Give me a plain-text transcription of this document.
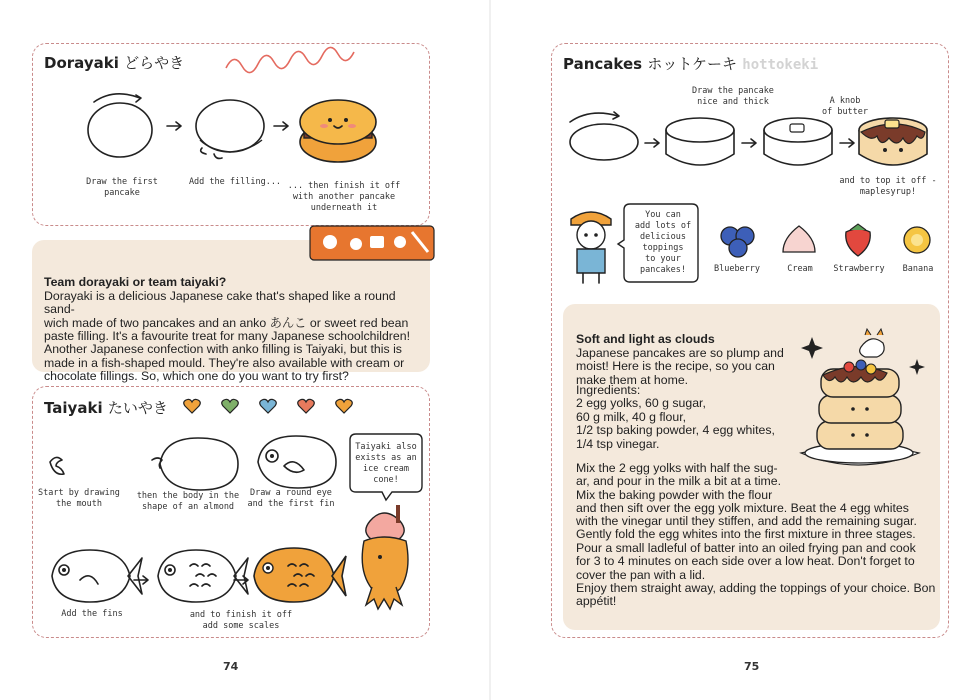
Dorayaki どらやき
Draw the first
pancake
Add the filling... ... then finish it off
with another pancake
underneath it

Team dorayaki or team taiyaki?
Dorayaki is a delicious Japanese cake that's shaped like a round sand-
wich made of two pancakes and an anko あんこ or sweet red bean
paste filling. It's a favourite treat for many Japanese schoolchildren!
Another Japanese confection with anko filling is Taiyaki, but this is
made in a fish-shaped mould. They're also available with cream or
chocolate fillings. So, which one do you want to try first?

Taiyaki たいやき
Start by drawing
the mouth
then the body in the
shape of an almond
Draw a round eye
and the first fin
Add the fins	and to finish it off
add some scales
Taiyaki also
exists as an
ice cream
cone!
74
Pancakes ホットケーキ hottokeki
Draw the pancake
nice and thick	A knob
of butter
and to top it off -
maplesyrup!
You can
add lots of
delicious
toppings
to your
pancakes!	Blueberry	Cream	Strawberry	Banana

Soft and light as clouds
Japanese pancakes are so plump and
moist! Here is the recipe, so you can
make them at home.

Ingredients:
2 egg yolks, 60 g sugar,
60 g milk, 40 g flour,
1/2 tsp baking powder, 4 egg whites,
1/4 tsp vinegar.
Mix the 2 egg yolks with half the sug-
ar, and pour in the milk a bit at a time.
Mix the baking powder with the flour
and then sift over the egg yolk mixture. Beat the 4 egg whites
with the vinegar until they stiffen, and add the remaining sugar.
Gently fold the egg whites into the first mixture in three stages.
Pour a small ladleful of batter into an oiled frying pan and cook
for 3 to 4 minutes on each side over a low heat. Don't forget to
cover the pan with a lid.
Enjoy them straight away, adding the toppings of your choice. Bon
appétit!
75
